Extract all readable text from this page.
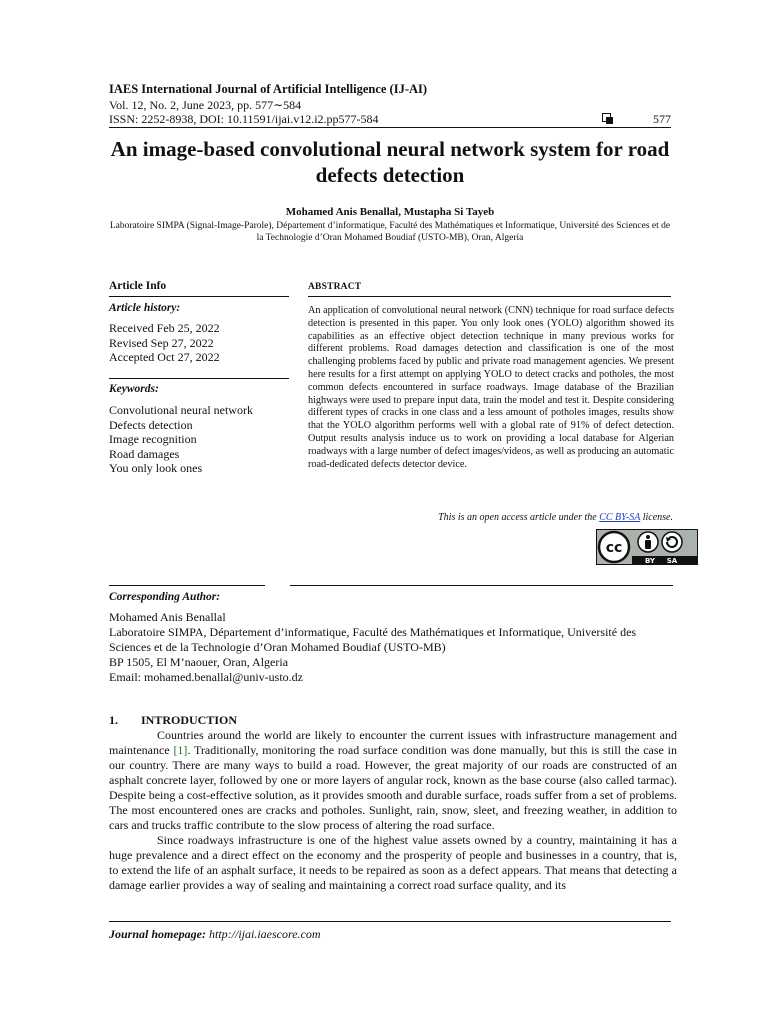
IAES International Journal of Artificial Intelligence (IJ-AI)
Vol. 12, No. 2, June 2023, pp. 577∼584
ISSN: 2252-8938, DOI: 10.11591/ijai.v12.i2.pp577-584	577
An image-based convolutional neural network system for road defects detection
Mohamed Anis Benallal, Mustapha Si Tayeb
Laboratoire SIMPA (Signal-Image-Parole), Département d’informatique, Faculté des Mathématiques et Informatique, Université des Sciences et de la Technologie d’Oran Mohamed Boudiaf (USTO-MB), Oran, Algeria
Article Info
Article history:
Received Feb 25, 2022
Revised Sep 27, 2022
Accepted Oct 27, 2022
Keywords:
Convolutional neural network
Defects detection
Image recognition
Road damages
You only look ones
ABSTRACT
An application of convolutional neural network (CNN) technique for road surface defects detection is presented in this paper. You only look ones (YOLO) algorithm showed its capabilities as an effective object detection technique in many previous works for different problems. Road damages detection and classification is one of the most challenging problems faced by public and private road management agencies. We present here results for a first attempt on applying YOLO to detect cracks and potholes, the most common defects encountered in surface roadways. Image database of the Brazilian highways were used to prepare input data, train the model and test it. Despite considering different types of cracks in one class and a less amount of potholes images, results show that the YOLO algorithm performs well with a global rate of 91% of defect detection. Output results analysis induce us to work on providing a local database for Algerian roadways with a large number of defect images/videos, as well as producing an automatic road-dedicated defects detector device.
This is an open access article under the CC BY-SA license.
cc
BY SA
Corresponding Author:
Mohamed Anis Benallal
Laboratoire SIMPA, Département d’informatique, Faculté des Mathématiques et Informatique, Université des Sciences et de la Technologie d’Oran Mohamed Boudiaf (USTO-MB)
BP 1505, El M’naouer, Oran, Algeria
Email: mohamed.benallal@univ-usto.dz
1. INTRODUCTION

Countries around the world are likely to encounter the current issues with infrastructure management and maintenance [1]. Traditionally, monitoring the road surface condition was done manually, but this is still the case in our country. There are many ways to build a road. However, the great majority of our roads are constructed of an asphalt concrete layer, followed by one or more layers of angular rock, known as the base course (also called tarmac). Despite being a cost-effective solution, as it provides smooth and durable surface, roads suffer from a set of problems. The most encountered ones are cracks and potholes. Sunlight, rain, snow, sleet, and freezing weather, in addition to cars and trucks traffic contribute to the slow process of altering the road surface.

Since roadways infrastructure is one of the highest value assets owned by a country, maintaining it has a huge prevalence and a direct effect on the economy and the prosperity of people and businesses in a country, that is, to extend the life of an asphalt surface, it needs to be repaired as soon as a defect appears. That means that detecting a damage earlier provides a way of sealing and maintaining a correct road surface quality, and its

Journal homepage: http://ijai.iaescore.com
